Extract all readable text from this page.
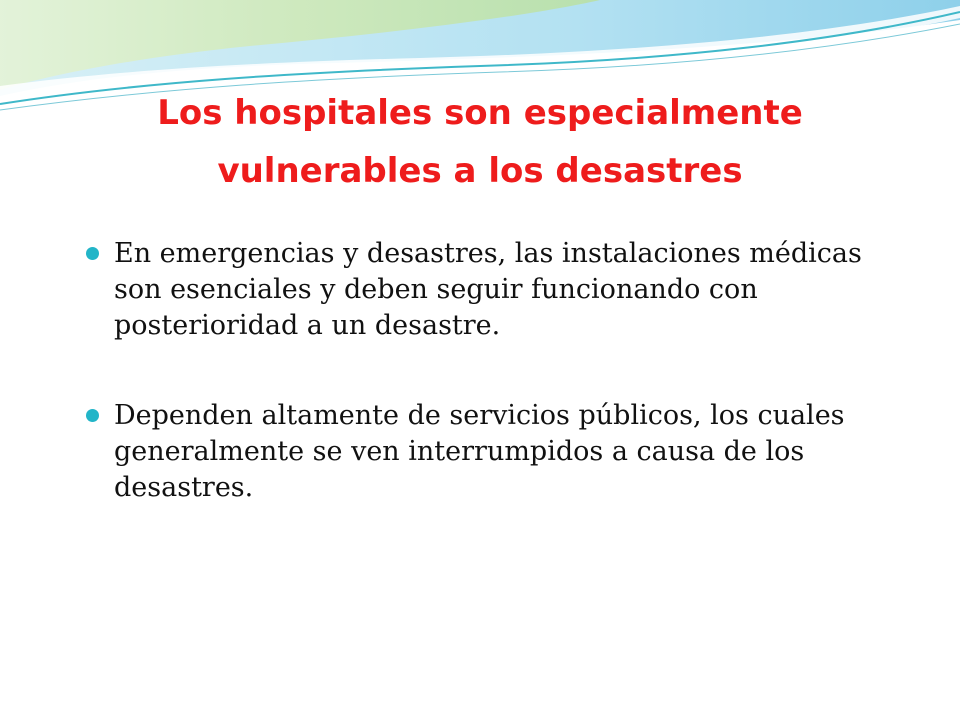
Los hospitales son especialmente vulnerables a los desastres
En emergencias y desastres, las instalaciones médicas son esenciales y deben seguir funcionando con posterioridad a un desastre.
Dependen altamente de servicios públicos, los cuales generalmente se ven interrumpidos a causa de los desastres.
